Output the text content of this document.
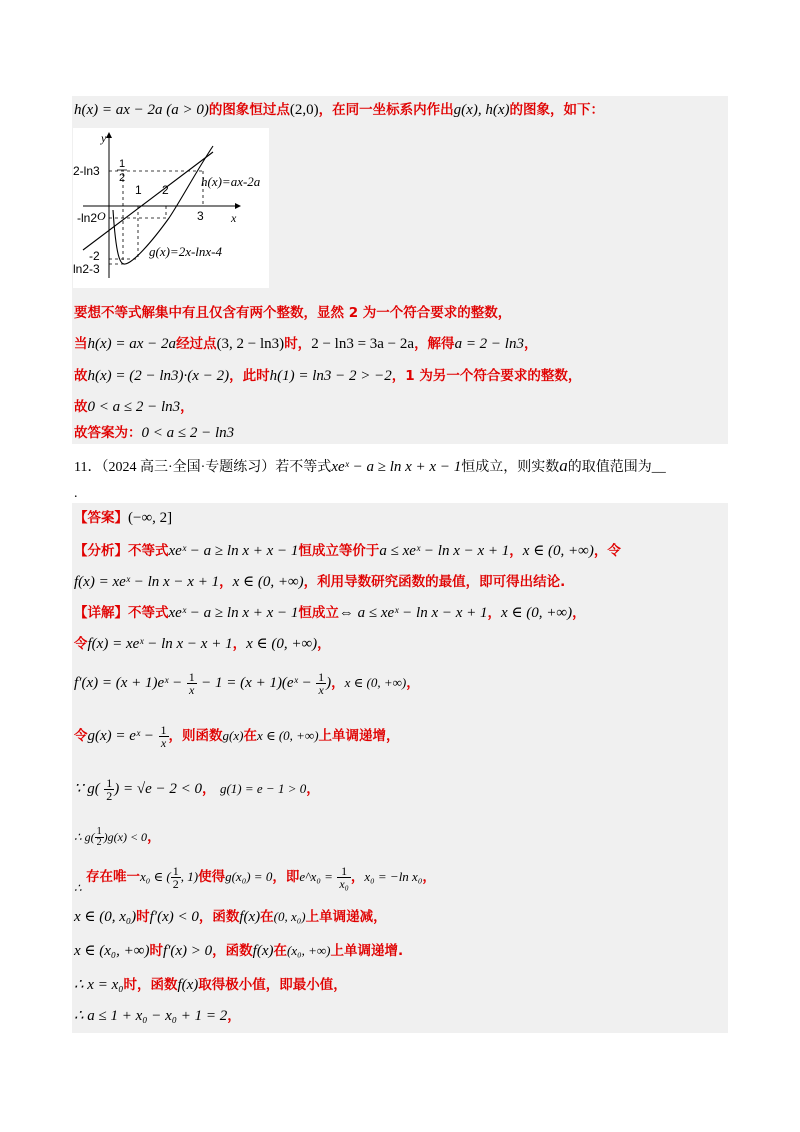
h(x) = ax − 2a (a > 0)的图象恒过点(2,0)，在同一坐标系内作出g(x), h(x)的图象，如下：
y
x
O
2-ln3
-ln2
-2
ln2-3
1
2
1 2
3
h(x)=ax-2a
g(x)=2x-lnx-4
要想不等式解集中有且仅含有两个整数，显然 2 为一个符合要求的整数，
当h(x) = ax − 2a经过点(3, 2 − ln3)时，2 − ln3 = 3a − 2a，解得a = 2 − ln3，
故h(x) = (2 − ln3)·(x − 2)，此时h(1) = ln3 − 2 > −2，1 为另一个符合要求的整数，
故0 < a ≤ 2 − ln3，
故答案为：0 < a ≤ 2 − ln3
11．（2024 高三·全国·专题练习）若不等式xeˣ − a ≥ ln x + x − 1恒成立，则实数a的取值范围为__
.
【答案】(−∞, 2]
【分析】不等式xeˣ − a ≥ ln x + x − 1恒成立等价于a ≤ xeˣ − ln x − x + 1，x ∈ (0, +∞)，令
f(x) = xeˣ − ln x − x + 1，x ∈ (0, +∞)，利用导数研究函数的最值，即可得出结论.
【详解】不等式xeˣ − a ≥ ln x + x − 1恒成立⇔ a ≤ xeˣ − ln x − x + 1，x ∈ (0, +∞)，
令f(x) = xeˣ − ln x − x + 1，x ∈ (0, +∞)，
f′(x) = (x + 1)eˣ − $\frac{1}{x} - 1 = (x$ + 1)(eˣ − $\frac{1}{x}$ )，x ∈ (0, +∞)，
令g(x) = eˣ − $\frac{1}{x}$ ，则函数g(x)在x ∈ (0, +∞)上单调递增，
∵ $g( \frac{1}{2}$ ) = √e − 2 < 0， g(1) = e − 1 > 0，
∴ $g( \frac{1}{2} )g(x) < 0$，
存在唯一x₀ ∈ ( $\frac{1}{2}$ , 1)使得g(x₀) = 0，即e^x₀ = $\frac{1}{\text{x₀}}$ ，x₀ = −ln x₀，
∴
x ∈ (0, x₀)时f′(x) < 0，函数f(x)在(0, x₀)上单调递减，
x ∈ (x₀, +∞)时f′(x) > 0，函数f(x)在(x₀, +∞)上单调递增.
∴ x = x₀时，函数f(x)取得极小值，即最小值，
∴ a ≤ 1 + x₀ − x₀ + 1 = 2，
